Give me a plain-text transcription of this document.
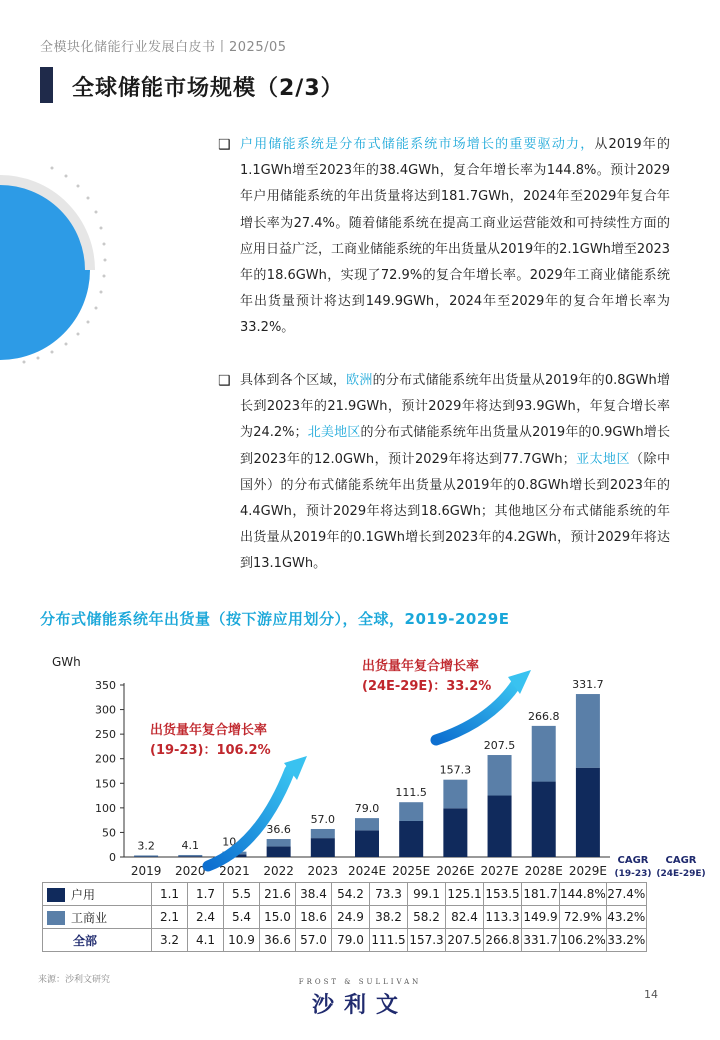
全模块化储能行业发展白皮书丨2025/05
全球储能市场规模（2/3）
❑ 户用储能系统是分布式储能系统市场增长的重要驱动力，从2019年的1.1GWh增至2023年的38.4GWh，复合年增长率为144.8%。预计2029年户用储能系统的年出货量将达到181.7GWh，2024年至2029年复合年增长率为27.4%。随着储能系统在提高工商业运营能效和可持续性方面的应用日益广泛，工商业储能系统的年出货量从2019年的2.1GWh增至2023年的18.6GWh，实现了72.9%的复合年增长率。2029年工商业储能系统年出货量预计将达到149.9GWh，2024年至2029年的复合年增长率为33.2%。
❑ 具体到各个区域，欧洲的分布式储能系统年出货量从2019年的0.8GWh增长到2023年的21.9GWh，预计2029年将达到93.9GWh，年复合增长率为24.2%；北美地区的分布式储能系统年出货量从2019年的0.9GWh增长到2023年的12.0GWh，预计2029年将达到77.7GWh；亚太地区（除中国外）的分布式储能系统年出货量从2019年的0.8GWh增长到2023年的4.4GWh，预计2029年将达到18.6GWh；其他地区分布式储能系统的年出货量从2019年的0.1GWh增长到2023年的4.2GWh，预计2029年将达到13.1GWh。
分布式储能系统年出货量（按下游应用划分），全球，2019-2029E
GWh
0
50
100
150
200
250
300
350
3.2 4.1 10.9
36.6
57.0
79.0
111.5
157.3
207.5
266.8
331.7
2019 2020 2021 2022 2023 2024E 2025E 2026E 2027E 2028E 2029E
CAGR
(19-23)
CAGR
(24E-29E)
出货量年复合增长率
(19-23)：106.2%
出货量年复合增长率
(24E-29E)：33.2%
户用	1.1	1.7	5.5	21.6	38.4	54.2	73.3	99.1	125.1	153.5	181.7	144.8%	27.4%
工商业	2.1	2.4	5.4	15.0	18.6	24.9	38.2	58.2	82.4	113.3	149.9	72.9%	43.2%
全部	3.2	4.1	10.9	36.6	57.0	79.0	111.5	157.3	207.5	266.8	331.7	106.2%	33.2%
来源：沙利文研究	FROST & SULLIVAN
沙利文	14
